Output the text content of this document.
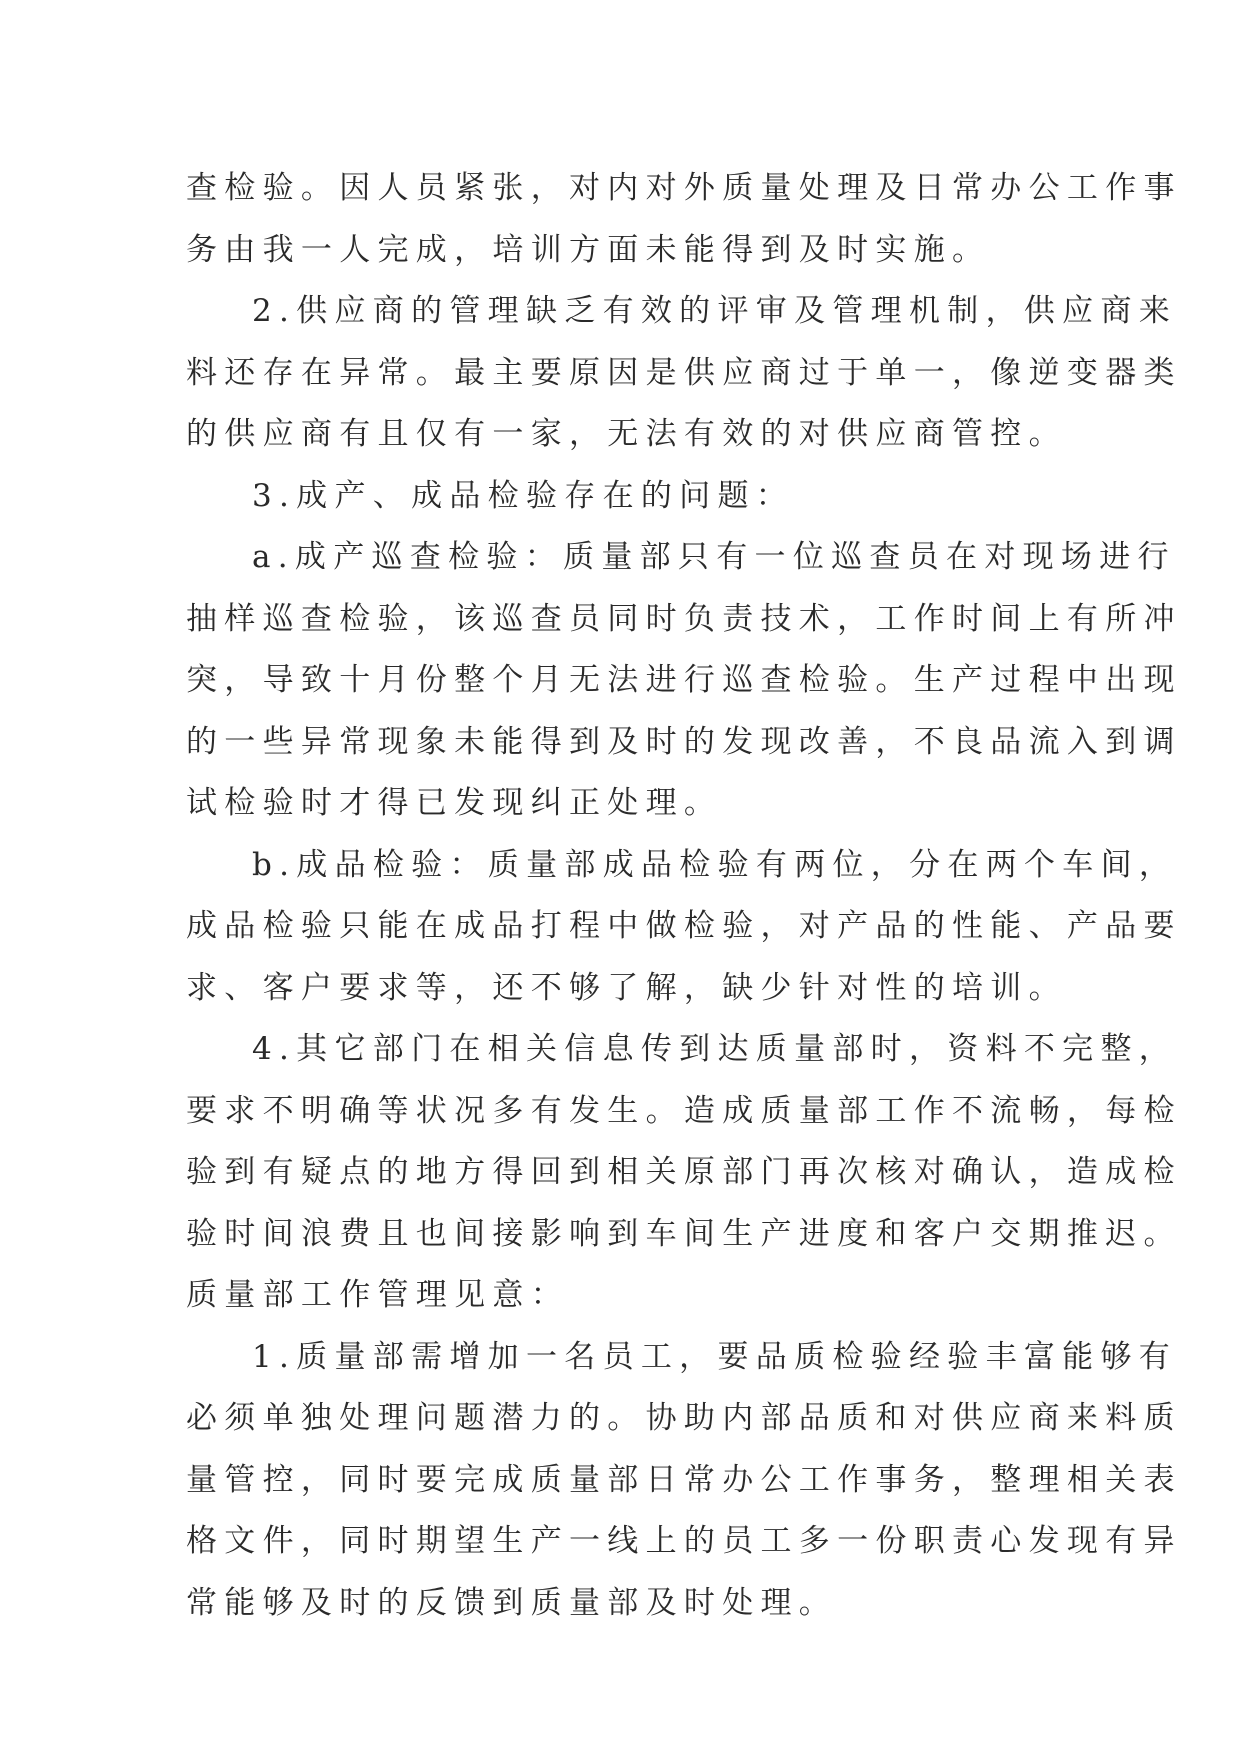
查检验。因人员紧张，对内对外质量处理及日常办公工作事
务由我一人完成，培训方面未能得到及时实施。
2.供应商的管理缺乏有效的评审及管理机制，供应商来
料还存在异常。最主要原因是供应商过于单一，像逆变器类
的供应商有且仅有一家，无法有效的对供应商管控。
3.成产、成品检验存在的问题：
a.成产巡查检验：质量部只有一位巡查员在对现场进行
抽样巡查检验，该巡查员同时负责技术，工作时间上有所冲
突，导致十月份整个月无法进行巡查检验。生产过程中出现
的一些异常现象未能得到及时的发现改善，不良品流入到调
试检验时才得已发现纠正处理。
b.成品检验：质量部成品检验有两位，分在两个车间，
成品检验只能在成品打程中做检验，对产品的性能、产品要
求、客户要求等，还不够了解，缺少针对性的培训。
4.其它部门在相关信息传到达质量部时，资料不完整，
要求不明确等状况多有发生。造成质量部工作不流畅，每检
验到有疑点的地方得回到相关原部门再次核对确认，造成检
验时间浪费且也间接影响到车间生产进度和客户交期推迟。
质量部工作管理见意：
1.质量部需增加一名员工，要品质检验经验丰富能够有
必须单独处理问题潜力的。协助内部品质和对供应商来料质
量管控，同时要完成质量部日常办公工作事务，整理相关表
格文件，同时期望生产一线上的员工多一份职责心发现有异
常能够及时的反馈到质量部及时处理。
